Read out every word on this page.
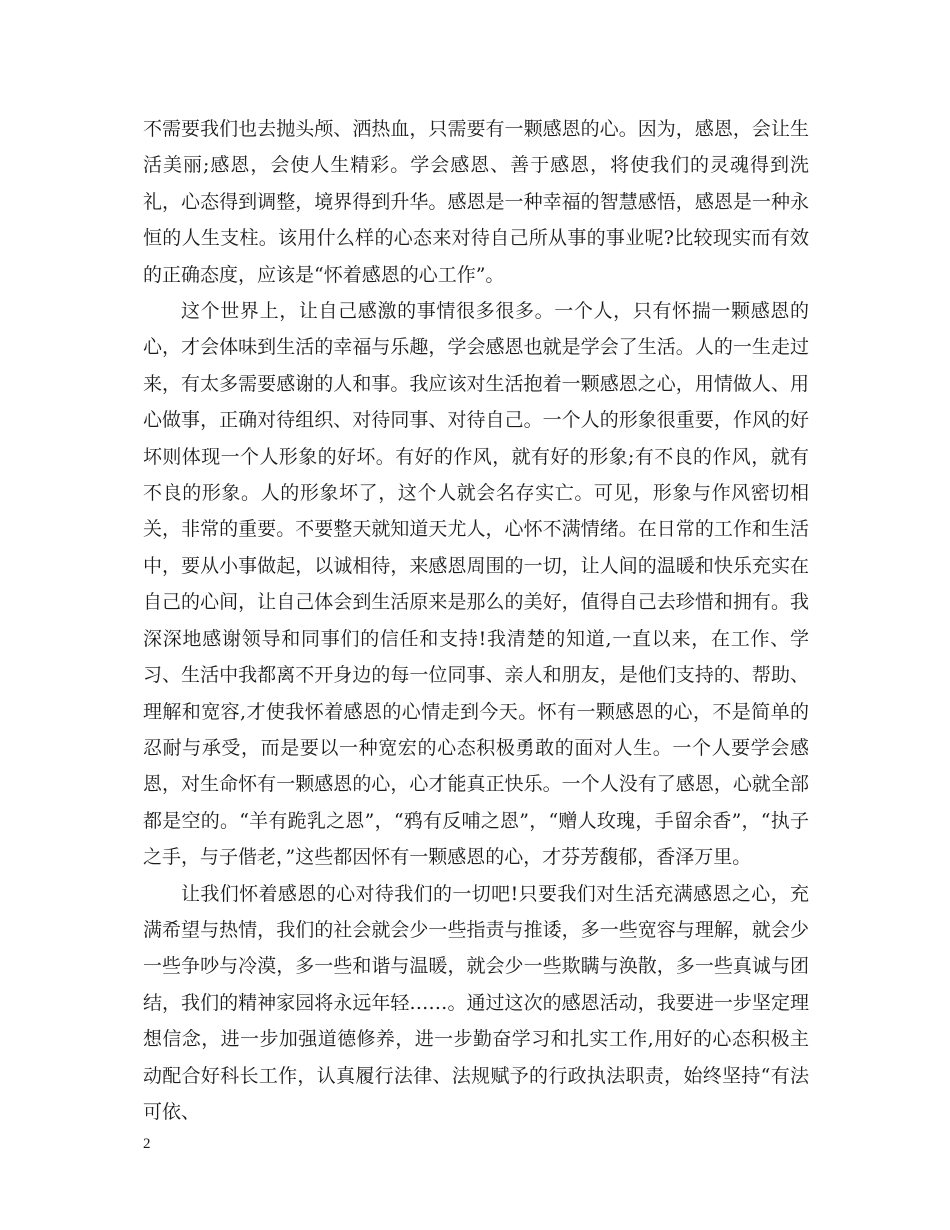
不需要我们也去抛头颅、洒热血，只需要有一颗感恩的心。因为，感恩，会让生活美丽;感恩，会使人生精彩。学会感恩、善于感恩，将使我们的灵魂得到洗礼，心态得到调整，境界得到升华。感恩是一种幸福的智慧感悟，感恩是一种永恒的人生支柱。该用什么样的心态来对待自己所从事的事业呢?比较现实而有效的正确态度，应该是“怀着感恩的心工作”。

这个世界上，让自己感激的事情很多很多。一个人，只有怀揣一颗感恩的心，才会体味到生活的幸福与乐趣，学会感恩也就是学会了生活。人的一生走过来，有太多需要感谢的人和事。我应该对生活抱着一颗感恩之心，用情做人、用心做事，正确对待组织、对待同事、对待自己。一个人的形象很重要，作风的好坏则体现一个人形象的好坏。有好的作风，就有好的形象;有不良的作风，就有不良的形象。人的形象坏了，这个人就会名存实亡。可见，形象与作风密切相关，非常的重要。不要整天就知道天尤人，心怀不满情绪。在日常的工作和生活中，要从小事做起，以诚相待，来感恩周围的一切，让人间的温暖和快乐充实在自己的心间，让自己体会到生活原来是那么的美好，值得自己去珍惜和拥有。我深深地感谢领导和同事们的信任和支持!我清楚的知道,一直以来，在工作、学习、生活中我都离不开身边的每一位同事、亲人和朋友，是他们支持的、帮助、理解和宽容,才使我怀着感恩的心情走到今天。怀有一颗感恩的心，不是简单的忍耐与承受，而是要以一种宽宏的心态积极勇敢的面对人生。一个人要学会感恩，对生命怀有一颗感恩的心，心才能真正快乐。一个人没有了感恩，心就全部都是空的。“羊有跪乳之恩”，“鸦有反哺之恩”，“赠人玫瑰，手留余香”，“执子之手，与子偕老，”这些都因怀有一颗感恩的心，才芬芳馥郁，香泽万里。

让我们怀着感恩的心对待我们的一切吧!只要我们对生活充满感恩之心，充满希望与热情，我们的社会就会少一些指责与推诿，多一些宽容与理解，就会少一些争吵与冷漠，多一些和谐与温暖，就会少一些欺瞒与涣散，多一些真诚与团结，我们的精神家园将永远年轻……。通过这次的感恩活动，我要进一步坚定理想信念，进一步加强道德修养，进一步勤奋学习和扎实工作,用好的心态积极主动配合好科长工作，认真履行法律、法规赋予的行政执法职责，始终坚持“有法可依、

2
